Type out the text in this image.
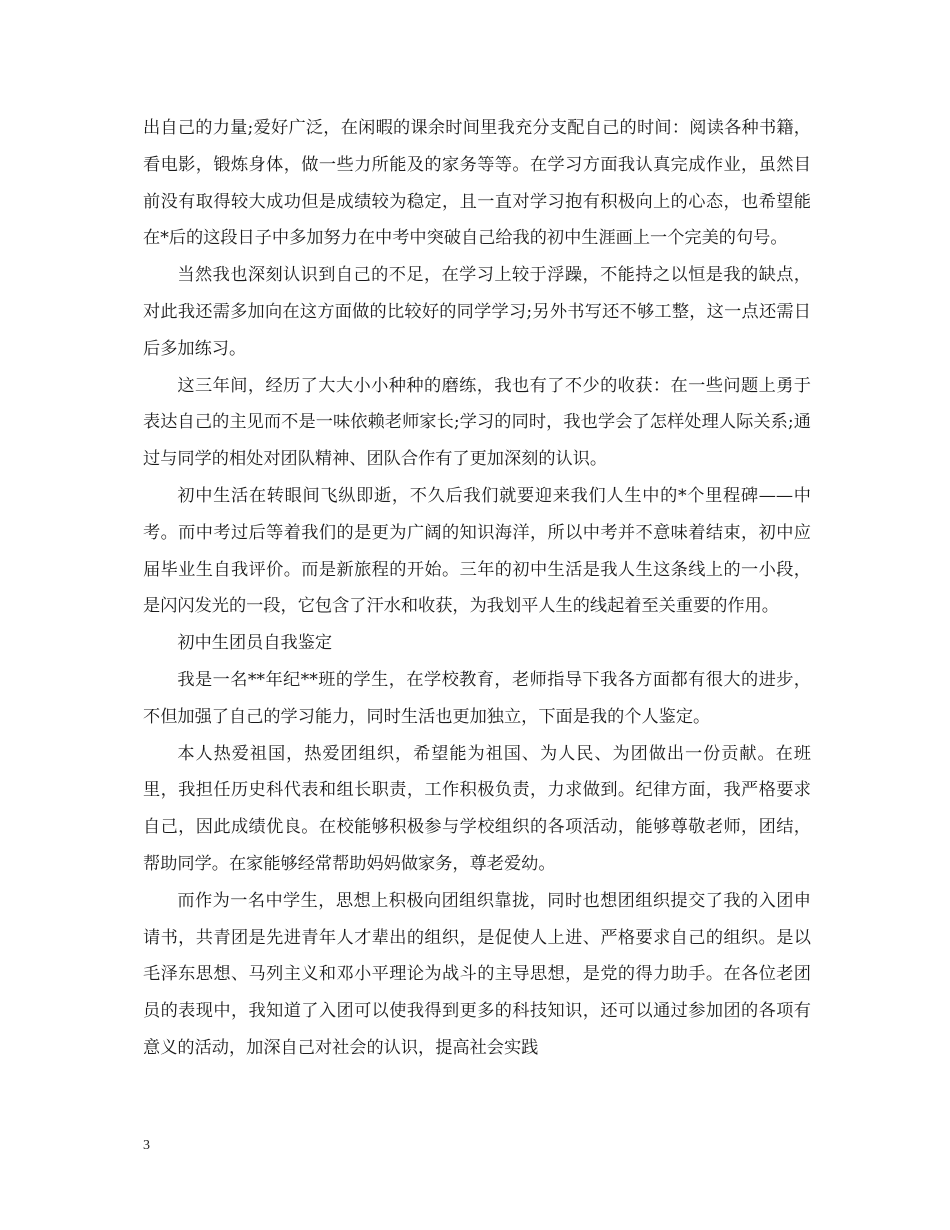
出自己的力量;爱好广泛，在闲暇的课余时间里我充分支配自己的时间：阅读各种书籍，看电影，锻炼身体，做一些力所能及的家务等等。在学习方面我认真完成作业，虽然目前没有取得较大成功但是成绩较为稳定，且一直对学习抱有积极向上的心态，也希望能在*后的这段日子中多加努力在中考中突破自己给我的初中生涯画上一个完美的句号。

当然我也深刻认识到自己的不足，在学习上较于浮躁，不能持之以恒是我的缺点，对此我还需多加向在这方面做的比较好的同学学习;另外书写还不够工整，这一点还需日后多加练习。

这三年间，经历了大大小小种种的磨练，我也有了不少的收获：在一些问题上勇于表达自己的主见而不是一味依赖老师家长;学习的同时，我也学会了怎样处理人际关系;通过与同学的相处对团队精神、团队合作有了更加深刻的认识。

初中生活在转眼间飞纵即逝，不久后我们就要迎来我们人生中的*个里程碑——中考。而中考过后等着我们的是更为广阔的知识海洋，所以中考并不意味着结束，初中应届毕业生自我评价。而是新旅程的开始。三年的初中生活是我人生这条线上的一小段，是闪闪发光的一段，它包含了汗水和收获，为我划平人生的线起着至关重要的作用。

初中生团员自我鉴定

我是一名**年纪**班的学生，在学校教育，老师指导下我各方面都有很大的进步，不但加强了自己的学习能力，同时生活也更加独立，下面是我的个人鉴定。

本人热爱祖国，热爱团组织，希望能为祖国、为人民、为团做出一份贡献。在班里，我担任历史科代表和组长职责，工作积极负责，力求做到。纪律方面，我严格要求自己，因此成绩优良。在校能够积极参与学校组织的各项活动，能够尊敬老师，团结，帮助同学。在家能够经常帮助妈妈做家务，尊老爱幼。

而作为一名中学生，思想上积极向团组织靠拢，同时也想团组织提交了我的入团申请书，共青团是先进青年人才辈出的组织，是促使人上进、严格要求自己的组织。是以毛泽东思想、马列主义和邓小平理论为战斗的主导思想，是党的得力助手。在各位老团员的表现中，我知道了入团可以使我得到更多的科技知识，还可以通过参加团的各项有意义的活动，加深自己对社会的认识，提高社会实践

3
